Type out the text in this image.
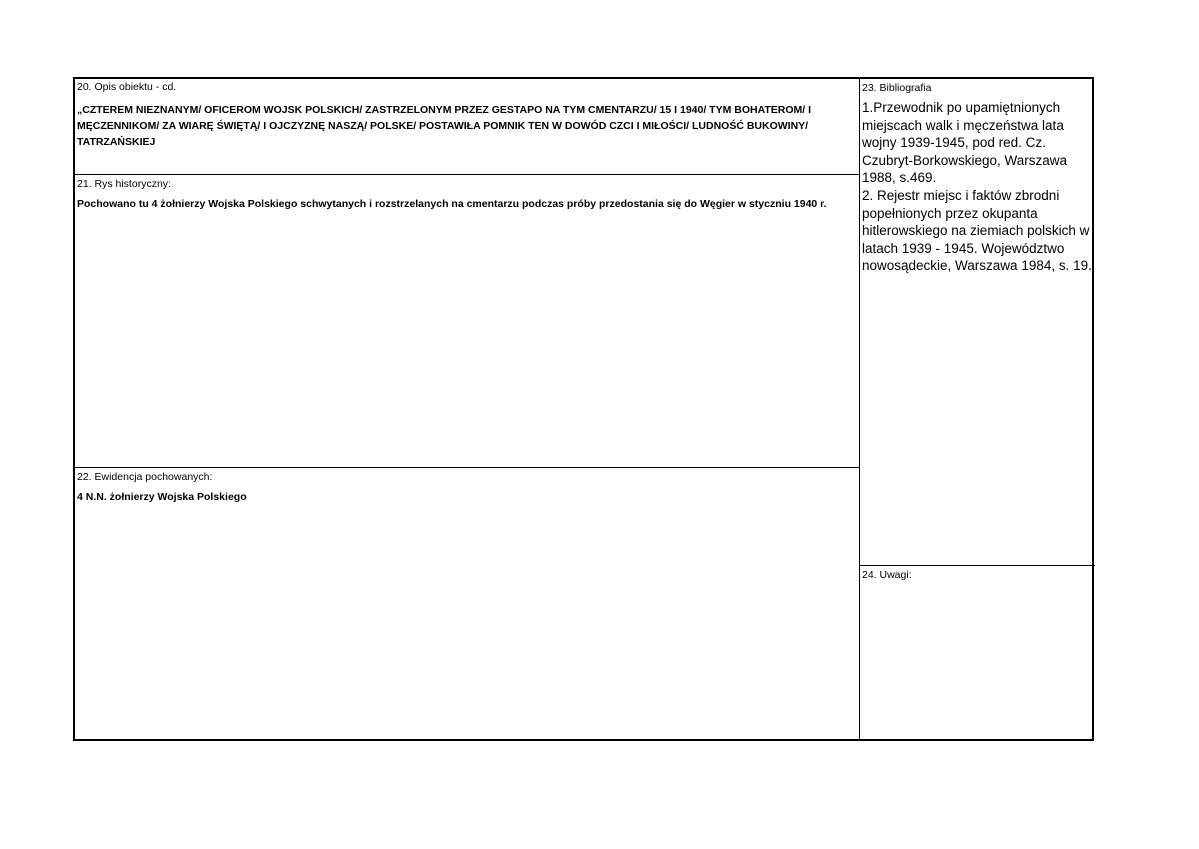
20. Opis obiektu - cd.

„CZTEREM NIEZNANYM/ OFICEROM WOJSK POLSKICH/ ZASTRZELONYM PRZEZ GESTAPO NA TYM CMENTARZU/ 15 I 1940/ TYM BOHATEROM/ I MĘCZENNIKOM/ ZA WIARĘ ŚWIĘTĄ/ I OJCZYZNĘ NASZĄ/ POLSKE/ POSTAWIŁA POMNIK TEN W DOWÓD CZCI I MIŁOŚCI/ LUDNOŚĆ BUKOWINY/ TATRZAŃSKIEJ

21. Rys historyczny:

Pochowano tu 4 żołnierzy Wojska Polskiego schwytanych i rozstrzelanych na cmentarzu podczas próby przedostania się do Węgier w styczniu 1940 r.

22. Ewidencja pochowanych:

4 N.N. żołnierzy Wojska Polskiego

23. Bibliografia

1.Przewodnik po upamiętnionych miejscach walk i męczeństwa lata wojny 1939-1945, pod red. Cz. Czubryt-Borkowskiego, Warszawa 1988, s.469.
2. Rejestr miejsc i faktów zbrodni popełnionych przez okupanta hitlerowskiego na ziemiach polskich w latach 1939 - 1945. Województwo nowosądeckie, Warszawa 1984, s. 19.

24. Uwagi:
